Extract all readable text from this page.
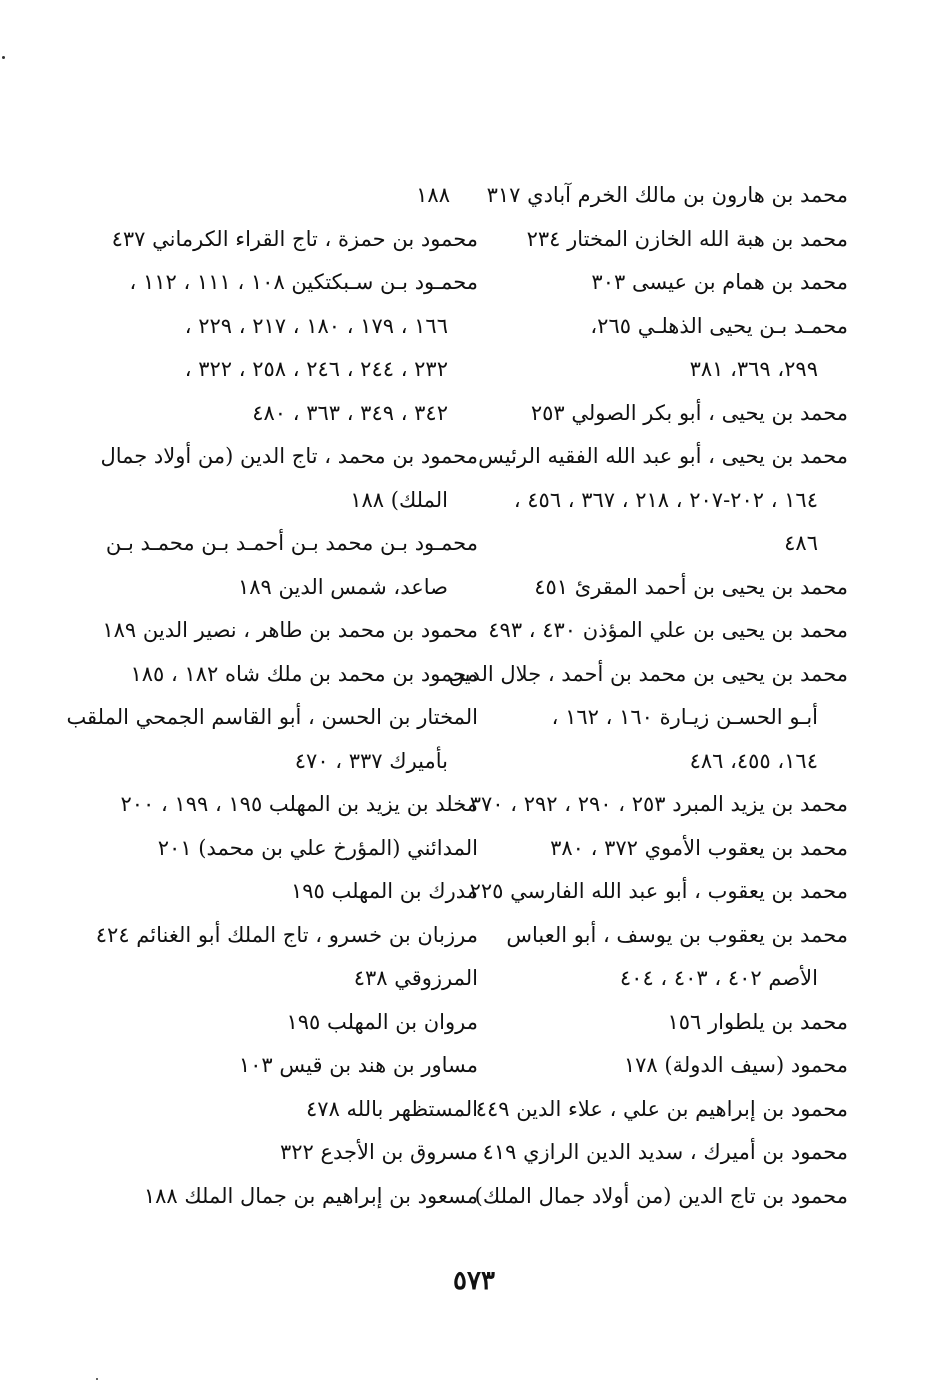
محمد بن هارون بن مالك الخرم آبادي ٣١٧
محمد بن هبة الله الخازن المختار ٢٣٤
محمد بن همام بن عيسى ٣٠٣
محمـد بـن يحيى الذهلـي ٢٦٥،
٢٩٩، ٣٦٩، ٣٨١
محمد بن يحيى ، أبو بكر الصولي ٢٥٣
محمد بن يحيى ، أبو عبد الله الفقيه الرئيس
١٦٤ ، ٢٠٢-٢٠٧ ، ٢١٨ ، ٣٦٧ ، ٤٥٦ ،
٤٨٦
محمد بن يحيى بن أحمد المقرئ ٤٥١
محمد بن يحيى بن علي المؤذن ٤٣٠ ، ٤٩٣
محمد بن يحيى بن محمد بن أحمد ، جلال الدين
أبـو الحسـن زيـارة ١٦٠ ، ١٦٢ ،
١٦٤، ٤٥٥، ٤٨٦
محمد بن يزيد المبرد ٢٥٣ ، ٢٩٠ ، ٢٩٢ ، ٣٧٠
محمد بن يعقوب الأموي ٣٧٢ ، ٣٨٠
محمد بن يعقوب ، أبو عبد الله الفارسي ٢٢٥
محمد بن يعقوب بن يوسف ، أبو العباس
الأصم ٤٠٢ ، ٤٠٣ ، ٤٠٤
محمد بن يلطوار ١٥٦
محمود (سيف الدولة) ١٧٨
محمود بن إبراهيم بن علي ، علاء الدين ٤٤٩
محمود بن أميرك ، سديد الدين الرازي ٤١٩
محمود بن تاج الدين (من أولاد جمال الملك)
١٨٨
محمود بن حمزة ، تاج القراء الكرماني ٤٣٧
محمـود بـن سـبكتكين ١٠٨ ، ١١١ ، ١١٢ ،
١٦٦ ، ١٧٩ ، ١٨٠ ، ٢١٧ ، ٢٢٩ ،
٢٣٢ ، ٢٤٤ ، ٢٤٦ ، ٢٥٨ ، ٣٢٢ ،
٣٤٢ ، ٣٤٩ ، ٣٦٣ ، ٤٨٠
محمود بن محمد ، تاج الدين (من أولاد جمال
الملك) ١٨٨
محمـود بـن محمد بـن أحمـد بـن محمـد بـن
صاعد، شمس الدين ١٨٩
محمود بن محمد بن طاهر ، نصير الدين ١٨٩
محمود بن محمد بن ملك شاه ١٨٢ ، ١٨٥
المختار بن الحسن ، أبو القاسم الجمحي الملقب
بأميرك ٣٣٧ ، ٤٧٠
مخلد بن يزيد بن المهلب ١٩٥ ، ١٩٩ ، ٢٠٠
المدائني (المؤرخ علي بن محمد) ٢٠١
مدرك بن المهلب ١٩٥
مرزبان بن خسرو ، تاج الملك أبو الغنائم ٤٢٤
المرزوقي ٤٣٨
مروان بن المهلب ١٩٥
مساور بن هند بن قيس ١٠٣
المستظهر بالله ٤٧٨
مسروق بن الأجدع ٣٢٢
مسعود بن إبراهيم بن جمال الملك ١٨٨
٥٧٣
